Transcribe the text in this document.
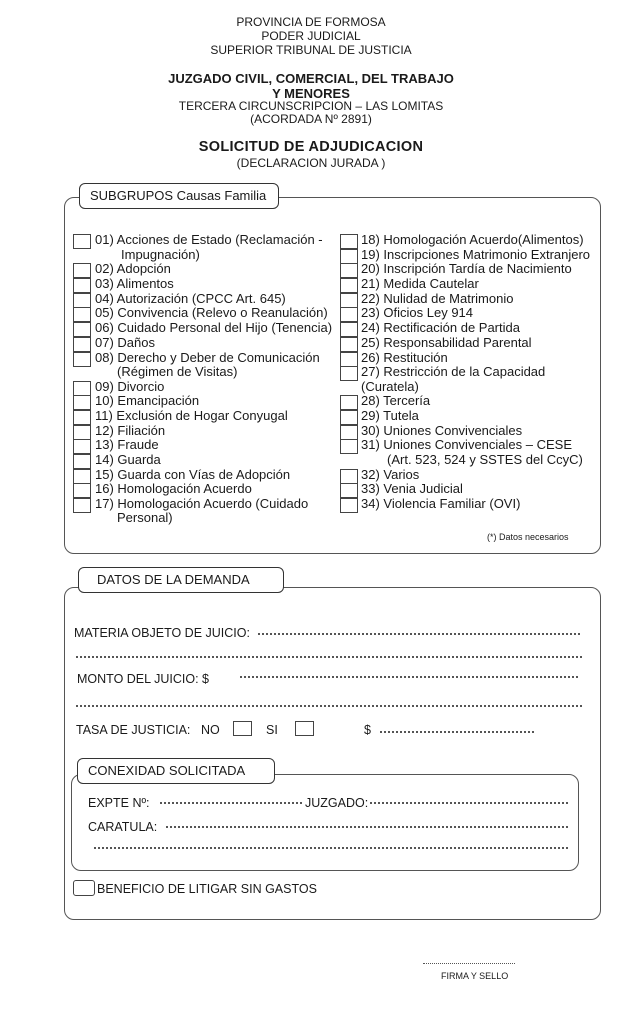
PROVINCIA DE FORMOSA
PODER JUDICIAL
SUPERIOR TRIBUNAL DE JUSTICIA
JUZGADO CIVIL, COMERCIAL, DEL TRABAJO
Y MENORES
TERCERA CIRCUNSCRIPCION – LAS LOMITAS
(ACORDADA Nº 2891)
SOLICITUD DE ADJUDICACION
(DECLARACION JURADA )
SUBGRUPOS Causas Familia
01) Acciones de Estado (Reclamación -
Impugnación)
02) Adopción
03) Alimentos
04) Autorización (CPCC Art. 645)
05) Convivencia (Relevo o Reanulación)
06) Cuidado Personal del Hijo (Tenencia)
07) Daños
08) Derecho y Deber de Comunicación
(Régimen de Visitas)
09) Divorcio
10) Emancipación
11) Exclusión de Hogar Conyugal
12) Filiación
13) Fraude
14) Guarda
15) Guarda con Vías de Adopción
16) Homologación Acuerdo
17) Homologación Acuerdo (Cuidado
Personal)
18) Homologación Acuerdo(Alimentos)
19) Inscripciones Matrimonio Extranjero
20) Inscripción Tardía de Nacimiento
21) Medida Cautelar
22) Nulidad de Matrimonio
23) Oficios Ley 914
24) Rectificación de Partida
25) Responsabilidad Parental
26) Restitución
27) Restricción de la Capacidad
(Curatela)
28) Tercería
29) Tutela
30) Uniones Convivenciales
31) Uniones Convivenciales – CESE
(Art. 523, 524 y SSTES del CcyC)
32) Varios
33) Venia Judicial
34) Violencia Familiar (OVI)
(*) Datos necesarios
DATOS DE LA DEMANDA
MATERIA OBJETO DE JUICIO:
MONTO DEL JUICIO: $
TASA DE JUSTICIA: NO	SI	$
CONEXIDAD SOLICITADA
EXPTE Nº:	JUZGADO:
CARATULA:
BENEFICIO DE LITIGAR SIN GASTOS
FIRMA Y SELLO
